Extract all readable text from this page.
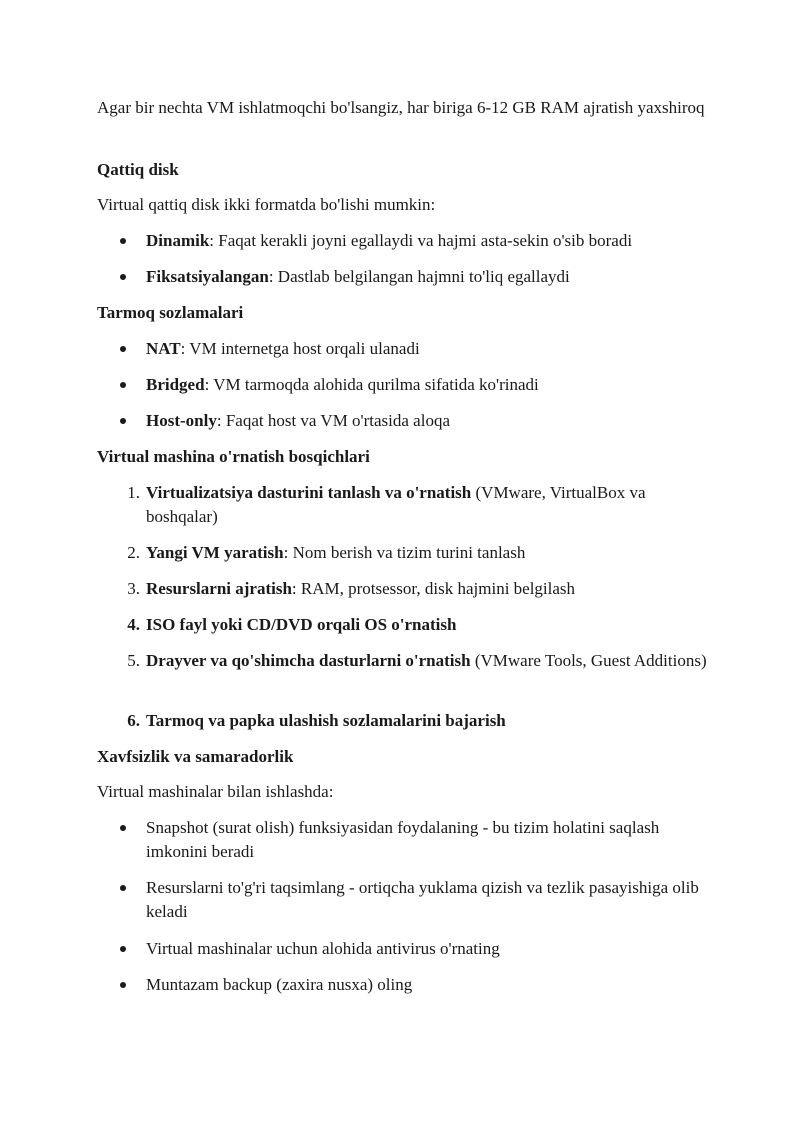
Agar bir nechta VM ishlatmoqchi bo'lsangiz, har biriga 6-12 GB RAM ajratish yaxshiroq
Qattiq disk
Virtual qattiq disk ikki formatda bo'lishi mumkin:
Dinamik: Faqat kerakli joyni egallaydi va hajmi asta-sekin o'sib boradi
Fiksatsiyalangan: Dastlab belgilangan hajmni to'liq egallaydi
Tarmoq sozlamalari
NAT: VM internetga host orqali ulanadi
Bridged: VM tarmoqda alohida qurilma sifatida ko'rinadi
Host-only: Faqat host va VM o'rtasida aloqa
Virtual mashina o'rnatish bosqichlari
1. Virtualizatsiya dasturini tanlash va o'rnatish (VMware, VirtualBox va boshqalar)
2. Yangi VM yaratish: Nom berish va tizim turini tanlash
3. Resurslarni ajratish: RAM, protsessor, disk hajmini belgilash
4. ISO fayl yoki CD/DVD orqali OS o'rnatish
5. Drayver va qo'shimcha dasturlarni o'rnatish (VMware Tools, Guest Additions)
6. Tarmoq va papka ulashish sozlamalarini bajarish
Xavfsizlik va samaradorlik
Virtual mashinalar bilan ishlashda:
Snapshot (surat olish) funksiyasidan foydalaning - bu tizim holatini saqlash imkonini beradi
Resurslarni to'g'ri taqsimlang - ortiqcha yuklama qizish va tezlik pasayishiga olib keladi
Virtual mashinalar uchun alohida antivirus o'rnating
Muntazam backup (zaxira nusxa) oling
